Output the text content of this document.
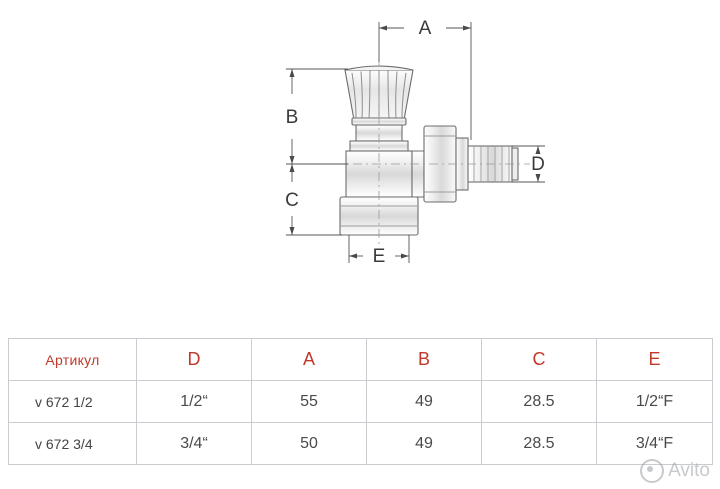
A
B
C
D
E
Артикул	D	A	B	C	E
v 672 1/2	1/2“	55	49	28.5	1/2“F
v 672 3/4	3/4“	50	49	28.5	3/4“F
Avito
